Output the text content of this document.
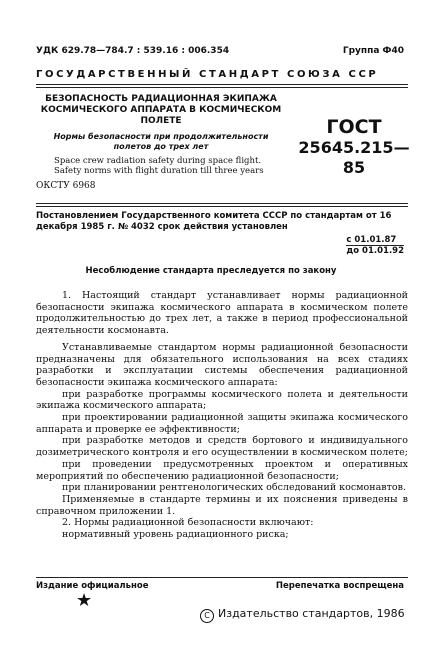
УДК 629.78—784.7 : 539.16 : 006.354	Группа Ф40
ГОСУДАРСТВЕННЫЙ СТАНДАРТ СОЮЗА ССР
БЕЗОПАСНОСТЬ РАДИАЦИОННАЯ ЭКИПАЖА
КОСМИЧЕСКОГО АППАРАТА В КОСМИЧЕСКОМ
ПОЛЕТЕ
Нормы безопасности при продолжительности
полетов до трех лет
ГОСТ
25645.215—85
Space crew radiation safety during space flight.
Safety norms with flight duration till three years
ОКСТУ 6968
Постановлением Государственного комитета СССР по стандартам от 16 декабря 1985 г. № 4032 срок действия установлен
с 01.01.87
до 01.01.92
Несоблюдение стандарта преследуется по закону

1. Настоящий стандарт устанавливает нормы радиационной безопасности экипажа космического аппарата в космическом полете продолжительностью до трех лет, а также в период профессиональной деятельности космонавта.

Устанавливаемые стандартом нормы радиационной безопасности предназначены для обязательного использования на всех стадиях разработки и эксплуатации системы обеспечения радиационной безопасности экипажа космического аппарата:

при разработке программы космического полета и деятельности экипажа космического аппарата;

при проектировании радиационной защиты экипажа космического аппарата и проверке ее эффективности;

при разработке методов и средств бортового и индивидуального дозиметрического контроля и его осуществлении в космическом полете;

при проведении предусмотренных проектом и оперативных мероприятий по обеспечению радиационной безопасности;

при планировании рентгенологических обследований космонавтов.

Применяемые в стандарте термины и их пояснения приведены в справочном приложении 1.

2. Нормы радиационной безопасности включают:

нормативный уровень радиационного риска;

Издание официальное	Перепечатка воспрещена
★
С Издательство стандартов, 1986
